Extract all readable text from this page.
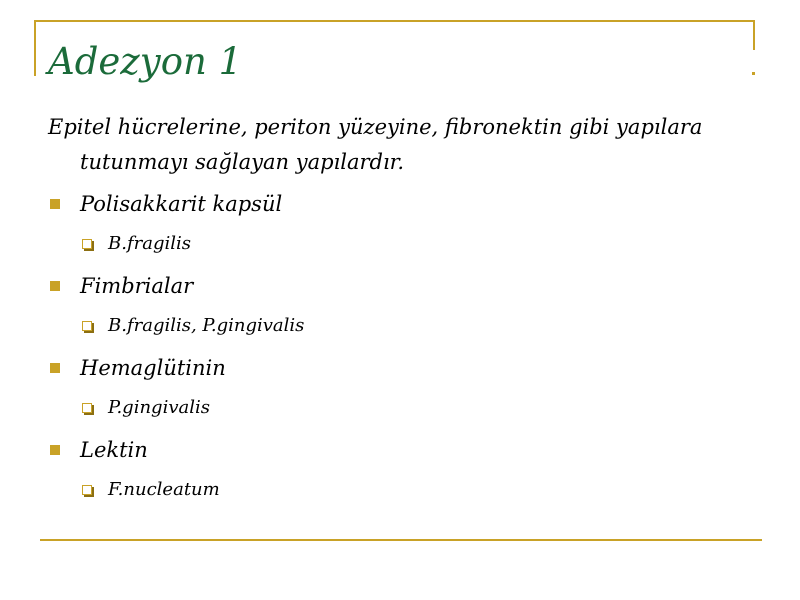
Adezyon 1
Epitel hücrelerine, periton yüzeyine, fibronektin gibi yapılara
tutunmayı sağlayan yapılardır.
Polisakkarit kapsül
B.fragilis
Fimbrialar
B.fragilis, P.gingivalis
Hemaglütinin
P.gingivalis
Lektin
F.nucleatum
